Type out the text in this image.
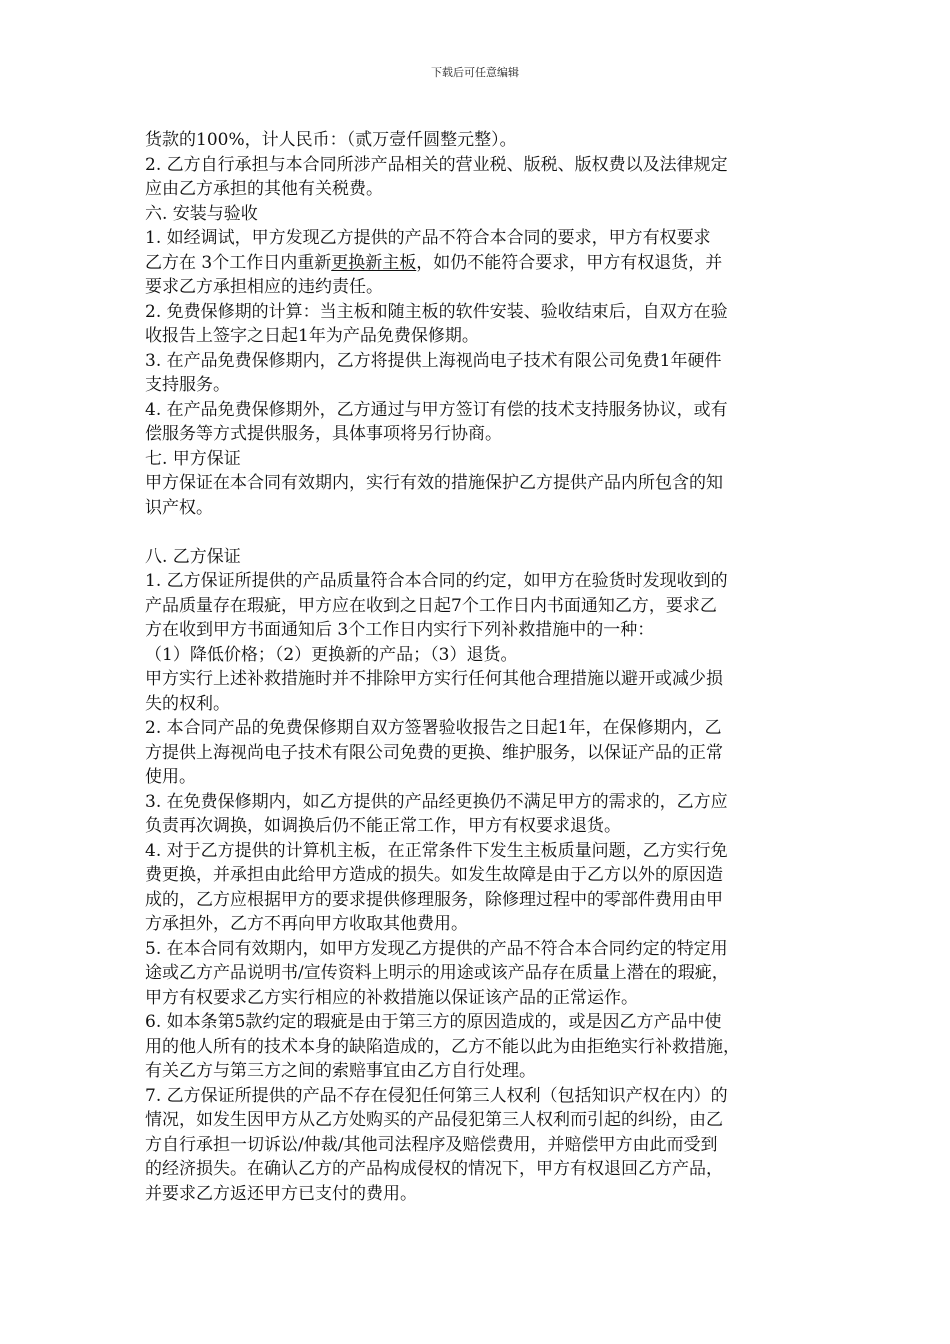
下载后可任意编辑
货款的100%，计人民币：（贰万壹仟圆整元整）。
2. 乙方自行承担与本合同所涉产品相关的营业税、版税、版权费以及法律规定
应由乙方承担的其他有关税费。
六. 安装与验收
1. 如经调试，甲方发现乙方提供的产品不符合本合同的要求，甲方有权要求
乙方在 3个工作日内重新更换新主板，如仍不能符合要求，甲方有权退货，并
要求乙方承担相应的违约责任。
2. 免费保修期的计算：当主板和随主板的软件安装、验收结束后，自双方在验
收报告上签字之日起1年为产品免费保修期。
3. 在产品免费保修期内，乙方将提供上海视尚电子技术有限公司免费1年硬件
支持服务。
4. 在产品免费保修期外，乙方通过与甲方签订有偿的技术支持服务协议，或有
偿服务等方式提供服务，具体事项将另行协商。
七. 甲方保证
甲方保证在本合同有效期内，实行有效的措施保护乙方提供产品内所包含的知
识产权。
八. 乙方保证
1. 乙方保证所提供的产品质量符合本合同的约定，如甲方在验货时发现收到的
产品质量存在瑕疵，甲方应在收到之日起7个工作日内书面通知乙方，要求乙
方在收到甲方书面通知后 3个工作日内实行下列补救措施中的一种：
（1）降低价格；（2）更换新的产品；（3）退货。
甲方实行上述补救措施时并不排除甲方实行任何其他合理措施以避开或减少损
失的权利。
2. 本合同产品的免费保修期自双方签署验收报告之日起1年，在保修期内，乙
方提供上海视尚电子技术有限公司免费的更换、维护服务，以保证产品的正常
使用。
3. 在免费保修期内，如乙方提供的产品经更换仍不满足甲方的需求的，乙方应
负责再次调换，如调换后仍不能正常工作，甲方有权要求退货。
4. 对于乙方提供的计算机主板，在正常条件下发生主板质量问题，乙方实行免
费更换，并承担由此给甲方造成的损失。如发生故障是由于乙方以外的原因造
成的，乙方应根据甲方的要求提供修理服务，除修理过程中的零部件费用由甲
方承担外，乙方不再向甲方收取其他费用。
5. 在本合同有效期内，如甲方发现乙方提供的产品不符合本合同约定的特定用
途或乙方产品说明书/宣传资料上明示的用途或该产品存在质量上潜在的瑕疵，
甲方有权要求乙方实行相应的补救措施以保证该产品的正常运作。
6. 如本条第5款约定的瑕疵是由于第三方的原因造成的，或是因乙方产品中使
用的他人所有的技术本身的缺陷造成的，乙方不能以此为由拒绝实行补救措施，
有关乙方与第三方之间的索赔事宜由乙方自行处理。
7. 乙方保证所提供的产品不存在侵犯任何第三人权利（包括知识产权在内）的
情况，如发生因甲方从乙方处购买的产品侵犯第三人权利而引起的纠纷，由乙
方自行承担一切诉讼/仲裁/其他司法程序及赔偿费用，并赔偿甲方由此而受到
的经济损失。在确认乙方的产品构成侵权的情况下，甲方有权退回乙方产品，
并要求乙方返还甲方已支付的费用。
